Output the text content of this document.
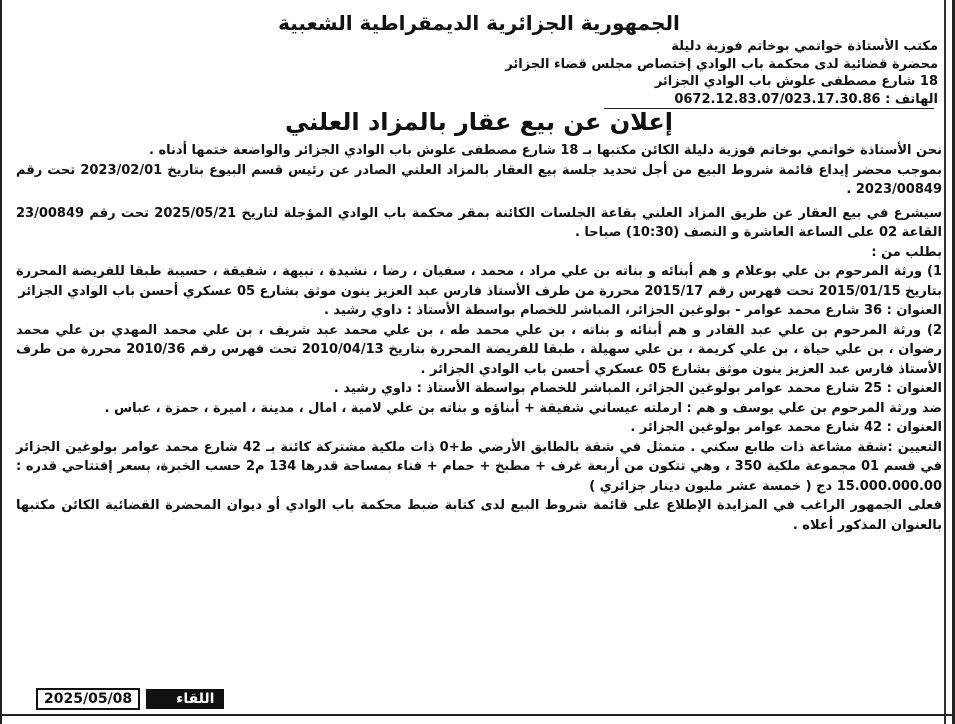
الجمهورية الجزائرية الديمقراطية الشعبية
مكتب الأستاذة خواتمي بوخاتم فوزية دليلة
محضرة قضائية لدى محكمة باب الوادي إختصاص مجلس قضاء الجزائر
18 شارع مصطفى علوش باب الوادي الجزائر
الهاتف : 0672.12.83.07/023.17.30.86
إعلان عن بيع عقار بالمزاد العلني

نحن الأستاذة خواتمي بوخاتم فوزية دليلة الكائن مكتبها بـ 18 شارع مصطفى علوش باب الوادي الجزائر والواضعة ختمها أدناه .

بموجب محضر إيداع قائمة شروط البيع من أجل تحديد جلسة بيع العقار بالمزاد العلني الصادر عن رئيس قسم البيوع بتاريخ 2023/02/01 تحت رقم 2023/00849 .

سيشرع في بيع العقار عن طريق المزاد العلني بقاعة الجلسات الكائنة بمقر محكمة باب الوادي المؤجلة لتاريخ 2025/05/21 تحت رقم 23/00849 القاعة 02 على الساعة العاشرة و النصف (10:30) صباحا .

بطلب من :

1) ورثة المرحوم بن علي بوعلام و هم أبنائه و بناته بن علي مراد ، محمد ، سفيان ، رضا ، نشيدة ، نبيهة ، شفيقة ، حسيبة طبقا للفريضة المحررة بتاريخ 2015/01/15 تحت فهرس رقم 2015/17 محررة من طرف الأستاذ فارس عبد العزيز ينون موثق بشارع 05 عسكري أحسن باب الوادي الجزائر

العنوان : 36 شارع محمد عوامر - بولوغين الجزائر، المباشر للخصام بواسطة الأستاذ : داوي رشيد .

2) ورثة المرحوم بن علي عبد القادر و هم أبنائه و بناته ، بن علي محمد طه ، بن علي محمد عبد شريف ، بن علي محمد المهدي بن علي محمد رضوان ، بن علي حياة ، بن علي كريمة ، بن علي سهيلة ، طبقا للفريضة المحررة بتاريخ 2010/04/13 تحت فهرس رقم 2010/36 محررة من طرف الأستاذ فارس عبد العزيز ينون موثق بشارع 05 عسكري أحسن باب الوادي الجزائر .

العنوان : 25 شارع محمد عوامر بولوغين الجزائر، المباشر للخصام بواسطة الأستاذ : داوي رشيد .

ضد ورثة المرحوم بن علي يوسف و هم : ارملته عيساني شفيقة + أبناؤه و بناته بن علي لامية ، امال ، مدينة ، اميرة ، حمزة ، عباس .

العنوان : 42 شارع محمد عوامر بولوغين الجزائر .

التعيين :شقة مشاعة ذات طابع سكني . متمثل في شقة بالطابق الأرضي ط+0 ذات ملكية مشتركة كائنة بـ 42 شارع محمد عوامر بولوغين الجزائر في قسم 01 مجموعة ملكية 350 ، وهي تتكون من أربعة غرف + مطبخ + حمام + فناء بمساحة قدرها 134 م2 حسب الخبرة، بسعر إفتتاحي قدره : 15.000.000.00 دج ( خمسة عشر مليون دينار جزائري )

فعلى الجمهور الراغب في المزايدة الإطلاع على قائمة شروط البيع لدى كتابة ضبط محكمة باب الوادي أو ديوان المحضرة القضائية الكائن مكتبها بالعنوان المذكور أعلاه .

2025/05/08	اللقاء
